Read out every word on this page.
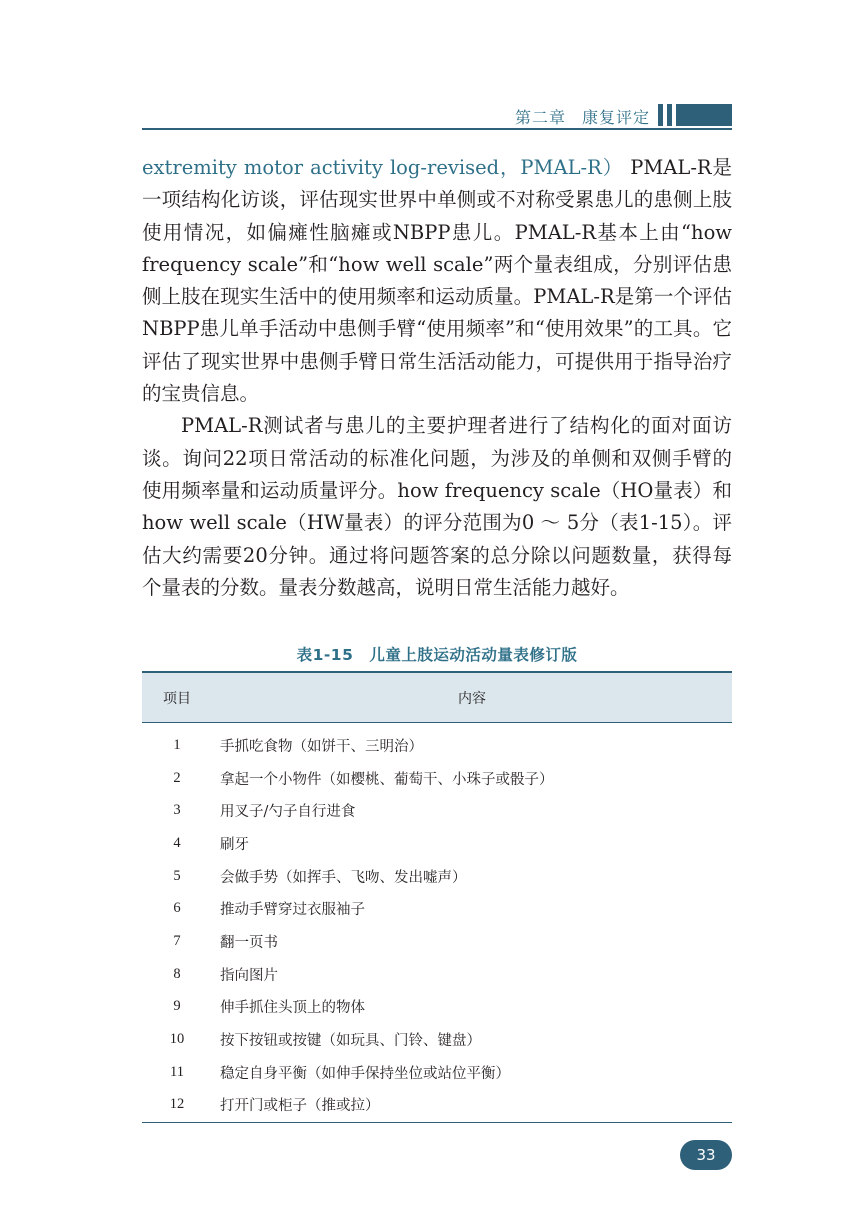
第二章 康复评定

extremity motor activity log-revised，PMAL-R） PMAL-R是一项结构化访谈，评估现实世界中单侧或不对称受累患儿的患侧上肢使用情况，如偏瘫性脑瘫或NBPP患儿。PMAL-R基本上由“how frequency scale”和“how well scale”两个量表组成，分别评估患侧上肢在现实生活中的使用频率和运动质量。PMAL-R是第一个评估NBPP患儿单手活动中患侧手臂“使用频率”和“使用效果”的工具。它评估了现实世界中患侧手臂日常生活活动能力，可提供用于指导治疗的宝贵信息。

PMAL-R测试者与患儿的主要护理者进行了结构化的面对面访谈。询问22项日常活动的标准化问题，为涉及的单侧和双侧手臂的使用频率量和运动质量评分。how frequency scale（HO量表）和how well scale（HW量表）的评分范围为0 ～ 5分（表1-15）。评估大约需要20分钟。通过将问题答案的总分除以问题数量，获得每个量表的分数。量表分数越高，说明日常生活能力越好。

表1-15　儿童上肢运动活动量表修订版
项目	内容
1	手抓吃食物（如饼干、三明治）
2	拿起一个小物件（如樱桃、葡萄干、小珠子或骰子）
3	用叉子/勺子自行进食
4	刷牙
5	会做手势（如挥手、飞吻、发出嘘声）
6	推动手臂穿过衣服袖子
7	翻一页书
8	指向图片
9	伸手抓住头顶上的物体
10	按下按钮或按键（如玩具、门铃、键盘）
11	稳定自身平衡（如伸手保持坐位或站位平衡）
12	打开门或柜子（推或拉）
33
